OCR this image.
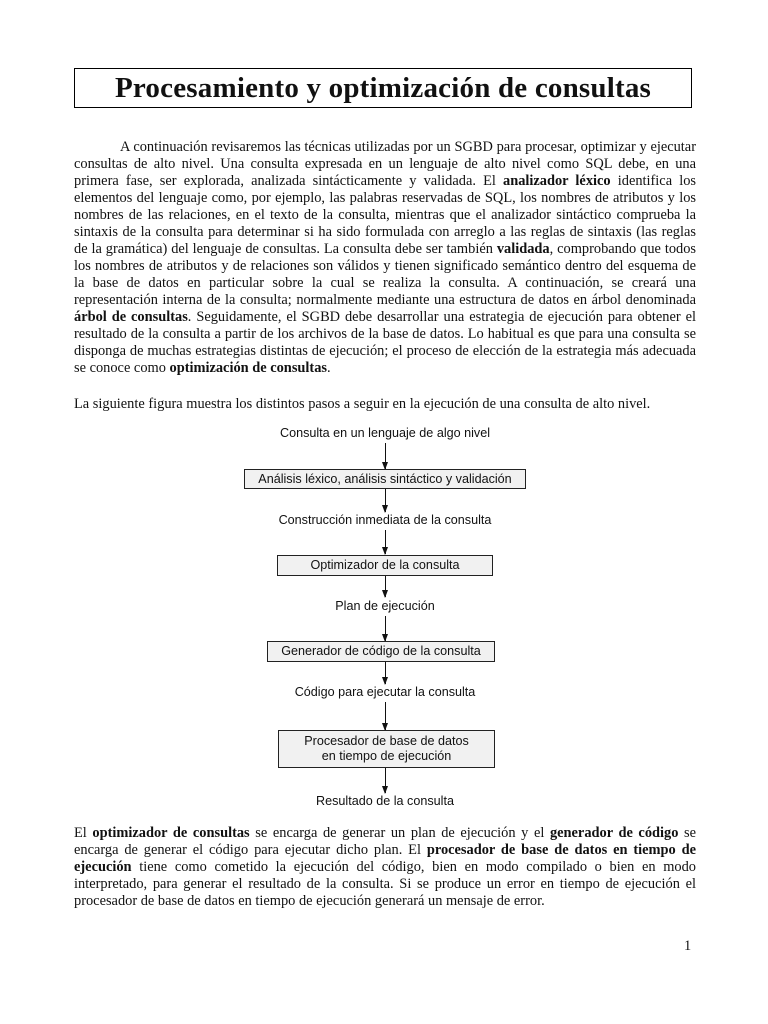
Procesamiento y optimización de consultas
A continuación revisaremos las técnicas utilizadas por un SGBD para procesar, optimizar y ejecutar consultas de alto nivel. Una consulta expresada en un lenguaje de alto nivel como SQL debe, en una primera fase, ser explorada, analizada sintácticamente y validada. El analizador léxico identifica los elementos del lenguaje como, por ejemplo, las palabras reservadas de SQL, los nombres de atributos y los nombres de las relaciones, en el texto de la consulta, mientras que el analizador sintáctico comprueba la sintaxis de la consulta para determinar si ha sido formulada con arreglo a las reglas de sintaxis (las reglas de la gramática) del lenguaje de consultas. La consulta debe ser también validada, comprobando que todos los nombres de atributos y de relaciones son válidos y tienen significado semántico dentro del esquema de la base de datos en particular sobre la cual se realiza la consulta. A continuación, se creará una representación interna de la consulta; normalmente mediante una estructura de datos en árbol denominada árbol de consultas. Seguidamente, el SGBD debe desarrollar una estrategia de ejecución para obtener el resultado de la consulta a partir de los archivos de la base de datos. Lo habitual es que para una consulta se disponga de muchas estrategias distintas de ejecución; el proceso de elección de la estrategia más adecuada se conoce como optimización de consultas.
La siguiente figura muestra los distintos pasos a seguir en la ejecución de una consulta de alto nivel.
Consulta en un lenguaje de algo nivel
Análisis léxico, análisis sintáctico y validación
Construcción inmediata de la consulta
Optimizador de la consulta
Plan de ejecución
Generador de código de la consulta
Código para ejecutar la consulta
Procesador de base de datos
en tiempo de ejecución
Resultado de la consulta
El optimizador de consultas se encarga de generar un plan de ejecución y el generador de código se encarga de generar el código para ejecutar dicho plan. El procesador de base de datos en tiempo de ejecución tiene como cometido la ejecución del código, bien en modo compilado o bien en modo interpretado, para generar el resultado de la consulta. Si se produce un error en tiempo de ejecución el procesador de base de datos en tiempo de ejecución generará un mensaje de error.
1
